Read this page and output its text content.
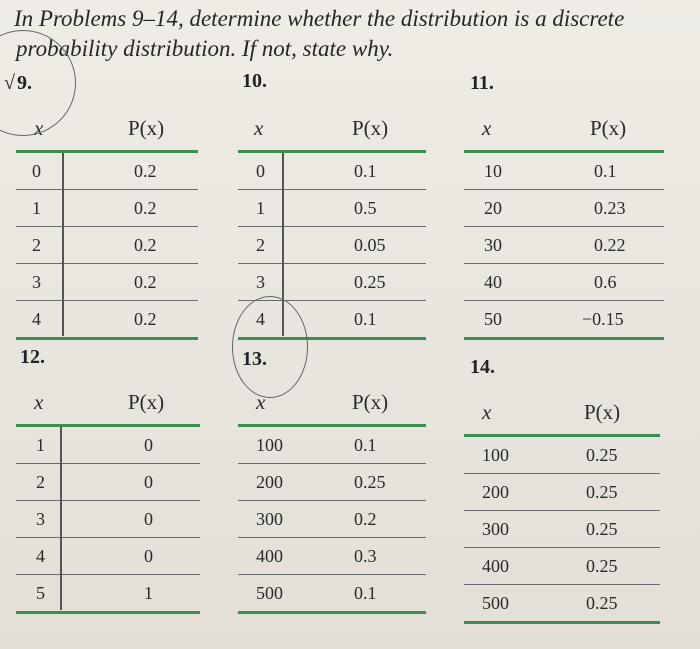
In Problems 9–14, determine whether the distribution is a discrete
probability distribution. If not, state why.
√ 9.
x	P(x)
0	0.2
1	0.2
2	0.2
3	0.2
4	0.2
10.
x	P(x)
0	0.1
1	0.5
2	0.05
3	0.25
4	0.1
11.
x	P(x)
10	0.1
20	0.23
30	0.22
40	0.6
50	−0.15
12.
x	P(x)
1	0
2	0
3	0
4	0
5	1
13.
x	P(x)
100	0.1
200	0.25
300	0.2
400	0.3
500	0.1
14.
x	P(x)
100	0.25
200	0.25
300	0.25
400	0.25
500	0.25
